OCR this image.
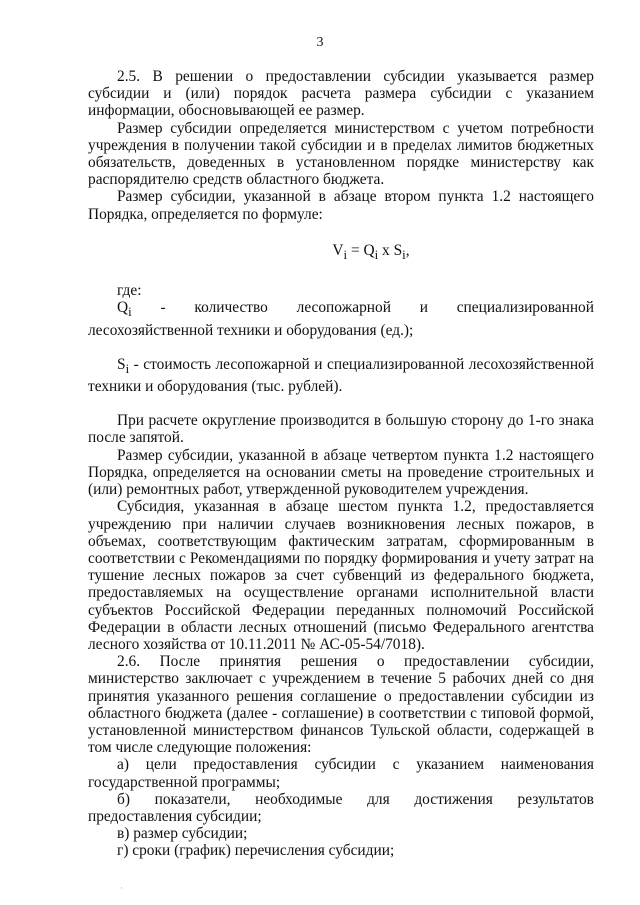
3

2.5. В решении о предоставлении субсидии указывается размер субсидии и (или) порядок расчета размера субсидии с указанием информации, обосновывающей ее размер.

Размер субсидии определяется министерством с учетом потребности учреждения в получении такой субсидии и в пределах лимитов бюджетных обязательств, доведенных в установленном порядке министерству как распорядителю средств областного бюджета.

Размер субсидии, указанной в абзаце втором пункта 1.2 настоящего Порядка, определяется по формуле:

$V_i = Q_i$ x $S_i$,

где:

$Q_i$ - количество лесопожарной и специализированной лесохозяйственной техники и оборудования (ед.);

$S_i$ - стоимость лесопожарной и специализированной лесохозяйственной техники и оборудования (тыс. рублей).

При расчете округление производится в большую сторону до 1-го знака после запятой.

Размер субсидии, указанной в абзаце четвертом пункта 1.2 настоящего Порядка, определяется на основании сметы на проведение строительных и (или) ремонтных работ, утвержденной руководителем учреждения.

Субсидия, указанная в абзаце шестом пункта 1.2, предоставляется учреждению при наличии случаев возникновения лесных пожаров, в объемах, соответствующим фактическим затратам, сформированным в соответствии с Рекомендациями по порядку формирования и учету затрат на тушение лесных пожаров за счет субвенций из федерального бюджета, предоставляемых на осуществление органами исполнительной власти субъектов Российской Федерации переданных полномочий Российской Федерации в области лесных отношений (письмо Федерального агентства лесного хозяйства от 10.11.2011 № АС-05-54/7018).

2.6. После принятия решения о предоставлении субсидии, министерство заключает с учреждением в течение 5 рабочих дней со дня принятия указанного решения соглашение о предоставлении субсидии из областного бюджета (далее - соглашение) в соответствии с типовой формой, установленной министерством финансов Тульской области, содержащей в том числе следующие положения:

а) цели предоставления субсидии с указанием наименования

государственной программы;

б) показатели, необходимые для достижения результатов

предоставления субсидии;

в) размер субсидии;

г) сроки (график) перечисления субсидии;

·
